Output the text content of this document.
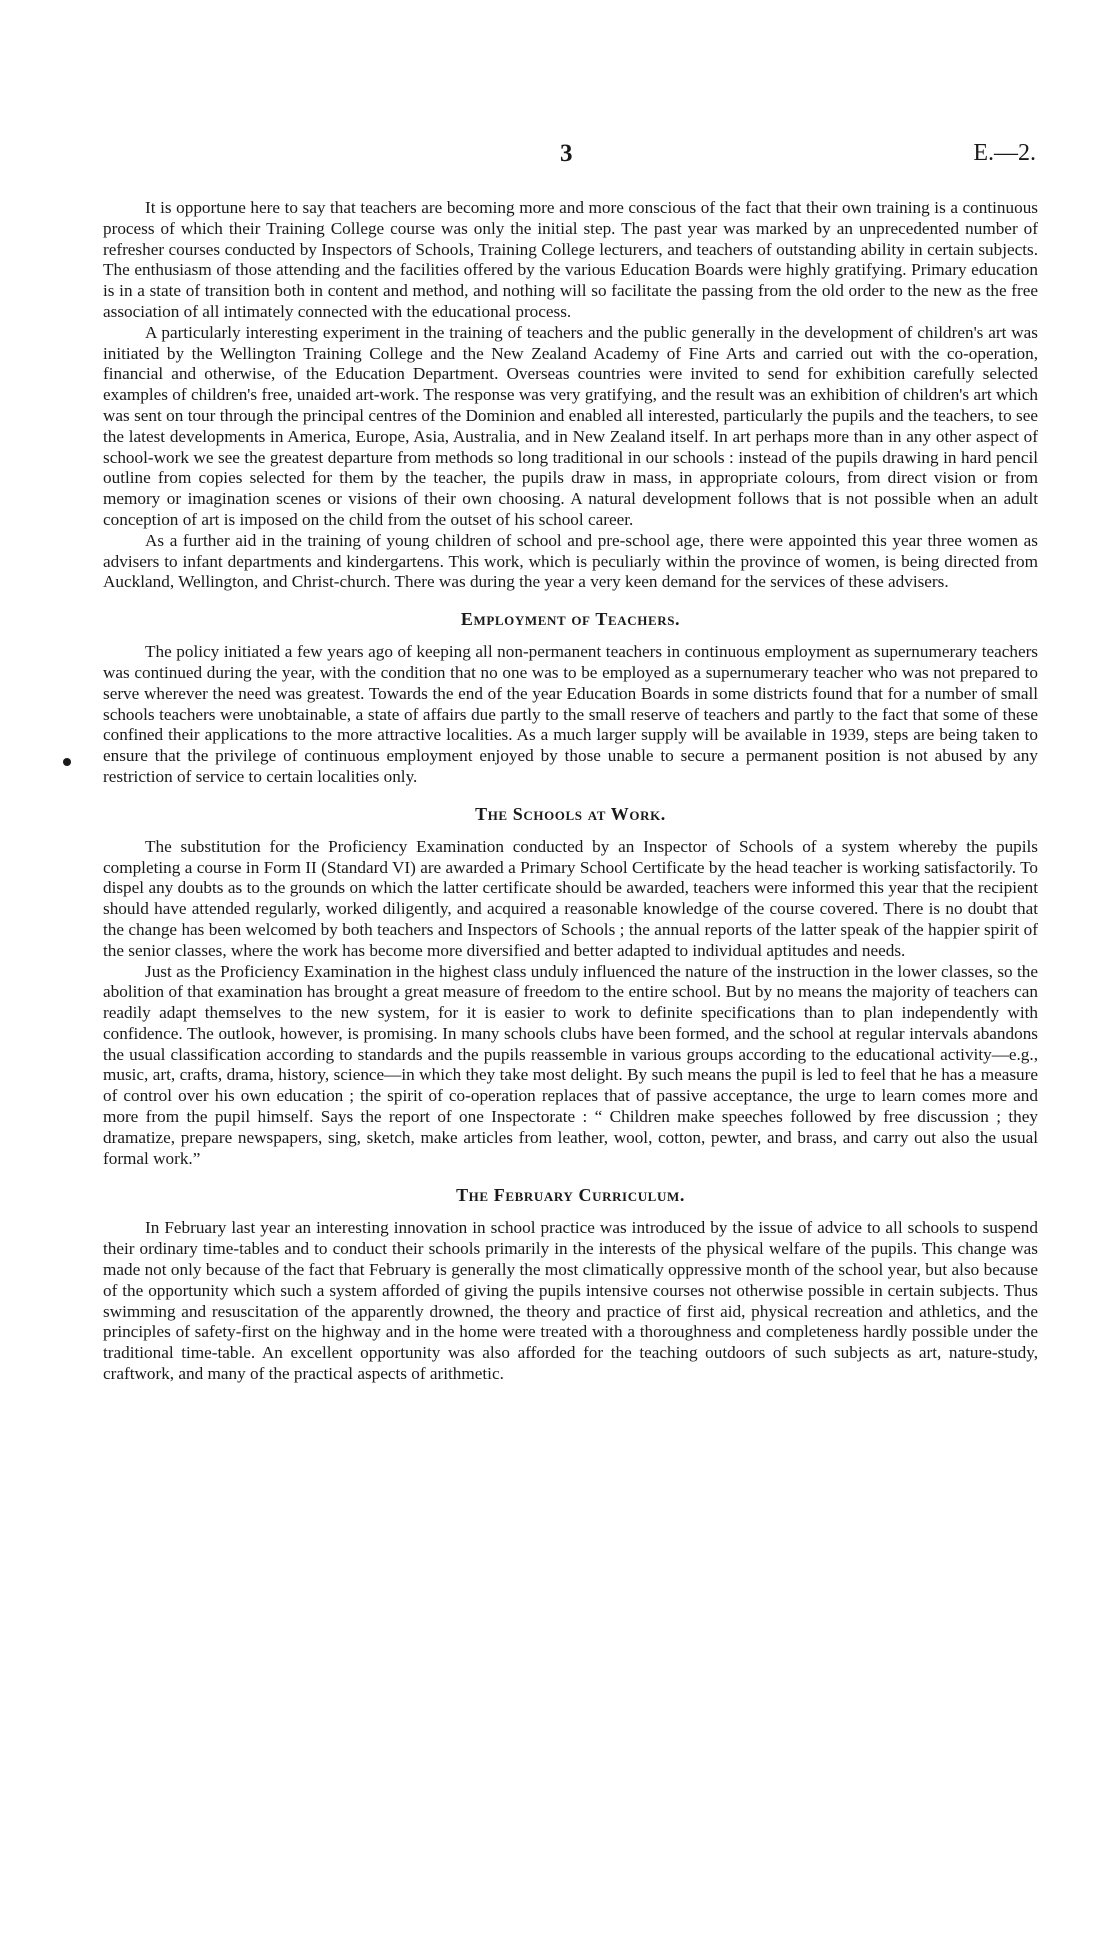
3	E.—2.

It is opportune here to say that teachers are becoming more and more conscious of the fact that their own training is a continuous process of which their Training College course was only the initial step. The past year was marked by an unprecedented number of refresher courses conducted by Inspectors of Schools, Training College lecturers, and teachers of outstanding ability in certain subjects. The enthusiasm of those attending and the facilities offered by the various Education Boards were highly gratifying. Primary education is in a state of transition both in content and method, and nothing will so facilitate the passing from the old order to the new as the free association of all intimately connected with the educational process.

A particularly interesting experiment in the training of teachers and the public generally in the development of children's art was initiated by the Wellington Training College and the New Zealand Academy of Fine Arts and carried out with the co-operation, financial and otherwise, of the Education Department. Overseas countries were invited to send for exhibition carefully selected examples of children's free, unaided art-work. The response was very gratifying, and the result was an exhibition of children's art which was sent on tour through the principal centres of the Dominion and enabled all interested, particularly the pupils and the teachers, to see the latest developments in America, Europe, Asia, Australia, and in New Zealand itself. In art perhaps more than in any other aspect of school-work we see the greatest departure from methods so long traditional in our schools : instead of the pupils drawing in hard pencil outline from copies selected for them by the teacher, the pupils draw in mass, in appropriate colours, from direct vision or from memory or imagination scenes or visions of their own choosing. A natural development follows that is not possible when an adult conception of art is imposed on the child from the outset of his school career.

As a further aid in the training of young children of school and pre-school age, there were appointed this year three women as advisers to infant departments and kindergartens. This work, which is peculiarly within the province of women, is being directed from Auckland, Wellington, and Christ-church. There was during the year a very keen demand for the services of these advisers.

Employment of Teachers.

The policy initiated a few years ago of keeping all non-permanent teachers in continuous employment as supernumerary teachers was continued during the year, with the condition that no one was to be employed as a supernumerary teacher who was not prepared to serve wherever the need was greatest. Towards the end of the year Education Boards in some districts found that for a number of small schools teachers were unobtainable, a state of affairs due partly to the small reserve of teachers and partly to the fact that some of these confined their applications to the more attractive localities. As a much larger supply will be available in 1939, steps are being taken to ensure that the privilege of continuous employment enjoyed by those unable to secure a permanent position is not abused by any restriction of service to certain localities only.

The Schools at Work.

The substitution for the Proficiency Examination conducted by an Inspector of Schools of a system whereby the pupils completing a course in Form II (Standard VI) are awarded a Primary School Certificate by the head teacher is working satisfactorily. To dispel any doubts as to the grounds on which the latter certificate should be awarded, teachers were informed this year that the recipient should have attended regularly, worked diligently, and acquired a reasonable knowledge of the course covered. There is no doubt that the change has been welcomed by both teachers and Inspectors of Schools ; the annual reports of the latter speak of the happier spirit of the senior classes, where the work has become more diversified and better adapted to individual aptitudes and needs.

Just as the Proficiency Examination in the highest class unduly influenced the nature of the instruction in the lower classes, so the abolition of that examination has brought a great measure of freedom to the entire school. But by no means the majority of teachers can readily adapt themselves to the new system, for it is easier to work to definite specifications than to plan independently with confidence. The outlook, however, is promising. In many schools clubs have been formed, and the school at regular intervals abandons the usual classification according to standards and the pupils reassemble in various groups according to the educational activity—e.g., music, art, crafts, drama, history, science—in which they take most delight. By such means the pupil is led to feel that he has a measure of control over his own education ; the spirit of co-operation replaces that of passive acceptance, the urge to learn comes more and more from the pupil himself. Says the report of one Inspectorate : “ Children make speeches followed by free discussion ; they dramatize, prepare newspapers, sing, sketch, make articles from leather, wool, cotton, pewter, and brass, and carry out also the usual formal work.”

The February Curriculum.

In February last year an interesting innovation in school practice was introduced by the issue of advice to all schools to suspend their ordinary time-tables and to conduct their schools primarily in the interests of the physical welfare of the pupils. This change was made not only because of the fact that February is generally the most climatically oppressive month of the school year, but also because of the opportunity which such a system afforded of giving the pupils intensive courses not otherwise possible in certain subjects. Thus swimming and resuscitation of the apparently drowned, the theory and practice of first aid, physical recreation and athletics, and the principles of safety-first on the highway and in the home were treated with a thoroughness and completeness hardly possible under the traditional time-table. An excellent opportunity was also afforded for the teaching outdoors of such subjects as art, nature-study, craftwork, and many of the practical aspects of arithmetic.
